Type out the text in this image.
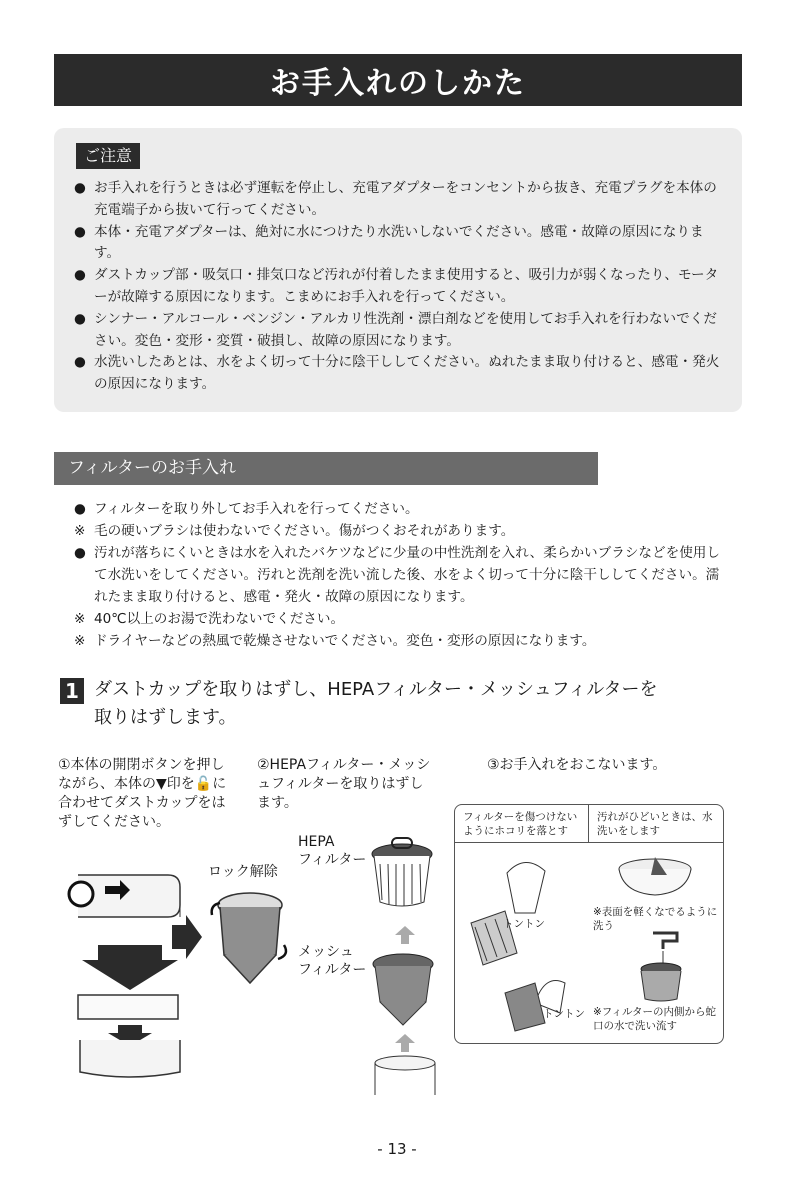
お手入れのしかた
ご注意
● お手入れを行うときは必ず運転を停止し、充電アダプターをコンセントから抜き、充電プラグを本体の充電端子から抜いて行ってください。
● 本体・充電アダプターは、絶対に水につけたり水洗いしないでください。感電・故障の原因になります。
● ダストカップ部・吸気口・排気口など汚れが付着したまま使用すると、吸引力が弱くなったり、モーターが故障する原因になります。こまめにお手入れを行ってください。
● シンナー・アルコール・ベンジン・アルカリ性洗剤・漂白剤などを使用してお手入れを行わないでください。変色・変形・変質・破損し、故障の原因になります。
● 水洗いしたあとは、水をよく切って十分に陰干ししてください。ぬれたまま取り付けると、感電・発火の原因になります。
フィルターのお手入れ
● フィルターを取り外してお手入れを行ってください。
※ 毛の硬いブラシは使わないでください。傷がつくおそれがあります。
● 汚れが落ちにくいときは水を入れたバケツなどに少量の中性洗剤を入れ、柔らかいブラシなどを使用して水洗いをしてください。汚れと洗剤を洗い流した後、水をよく切って十分に陰干ししてください。濡れたまま取り付けると、感電・発火・故障の原因になります。
※ 40℃以上のお湯で洗わないでください。
※ ドライヤーなどの熱風で乾燥させないでください。変色・変形の原因になります。
1 ダストカップを取りはずし、HEPAフィルター・メッシュフィルターを
取りはずします。
①本体の開閉ボタンを押しながら、本体の▼印を🔓に合わせてダストカップをはずしてください。
②HEPAフィルター・メッシュフィルターを取りはずします。
③お手入れをおこないます。
ロック解除
HEPA
フィルター
メッシュ
フィルター
フィルターを傷つけないようにホコリを落とす
汚れがひどいときは、水洗いをします
トントン
トントン
※表面を軽くなでるように洗う
※フィルターの内側から蛇口の水で洗い流す
- 13 -
